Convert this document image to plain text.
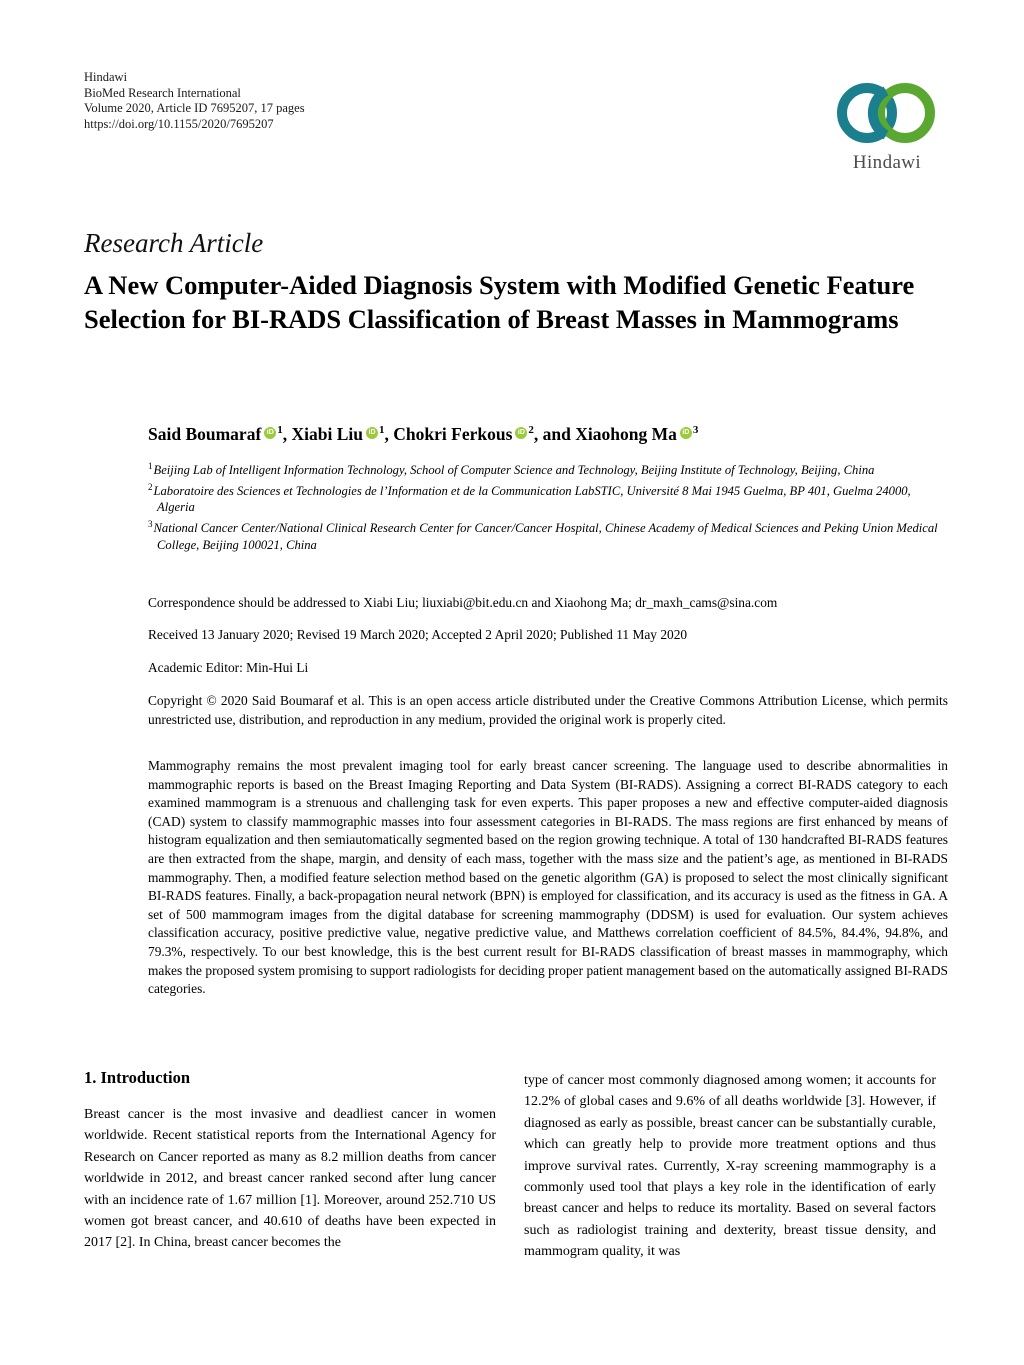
Hindawi
BioMed Research International
Volume 2020, Article ID 7695207, 17 pages
https://doi.org/10.1155/2020/7695207
Hindawi
Research Article
A New Computer-Aided Diagnosis System with Modified Genetic Feature Selection for BI-RADS Classification of Breast Masses in Mammograms
Said Boumaraf iD $^1$, Xiabi Liu iD $^1$, Chokri Ferkous iD $^2$, and Xiaohong Ma iD $^3$
$^1$Beijing Lab of Intelligent Information Technology, School of Computer Science and Technology, Beijing Institute of Technology, Beijing, China
$^2$Laboratoire des Sciences et Technologies de l’Information et de la Communication LabSTIC, Université 8 Mai 1945 Guelma, BP 401, Guelma 24000, Algeria
$^3$National Cancer Center/National Clinical Research Center for Cancer/Cancer Hospital, Chinese Academy of Medical Sciences and Peking Union Medical College, Beijing 100021, China
Correspondence should be addressed to Xiabi Liu; liuxiabi@bit.edu.cn and Xiaohong Ma; dr_maxh_cams@sina.com
Received 13 January 2020; Revised 19 March 2020; Accepted 2 April 2020; Published 11 May 2020
Academic Editor: Min-Hui Li
Copyright © 2020 Said Boumaraf et al. This is an open access article distributed under the Creative Commons Attribution License, which permits unrestricted use, distribution, and reproduction in any medium, provided the original work is properly cited.
Mammography remains the most prevalent imaging tool for early breast cancer screening. The language used to describe abnormalities in mammographic reports is based on the Breast Imaging Reporting and Data System (BI-RADS). Assigning a correct BI-RADS category to each examined mammogram is a strenuous and challenging task for even experts. This paper proposes a new and effective computer-aided diagnosis (CAD) system to classify mammographic masses into four assessment categories in BI-RADS. The mass regions are first enhanced by means of histogram equalization and then semiautomatically segmented based on the region growing technique. A total of 130 handcrafted BI-RADS features are then extracted from the shape, margin, and density of each mass, together with the mass size and the patient’s age, as mentioned in BI-RADS mammography. Then, a modified feature selection method based on the genetic algorithm (GA) is proposed to select the most clinically significant BI-RADS features. Finally, a back-propagation neural network (BPN) is employed for classification, and its accuracy is used as the fitness in GA. A set of 500 mammogram images from the digital database for screening mammography (DDSM) is used for evaluation. Our system achieves classification accuracy, positive predictive value, negative predictive value, and Matthews correlation coefficient of 84.5%, 84.4%, 94.8%, and 79.3%, respectively. To our best knowledge, this is the best current result for BI-RADS classification of breast masses in mammography, which makes the proposed system promising to support radiologists for deciding proper patient management based on the automatically assigned BI-RADS categories.
1. Introduction
Breast cancer is the most invasive and deadliest cancer in women worldwide. Recent statistical reports from the International Agency for Research on Cancer reported as many as 8.2 million deaths from cancer worldwide in 2012, and breast cancer ranked second after lung cancer with an incidence rate of 1.67 million [1]. Moreover, around 252.710 US women got breast cancer, and 40.610 of deaths have been expected in 2017 [2]. In China, breast cancer becomes the
type of cancer most commonly diagnosed among women; it accounts for 12.2% of global cases and 9.6% of all deaths worldwide [3]. However, if diagnosed as early as possible, breast cancer can be substantially curable, which can greatly help to provide more treatment options and thus improve survival rates. Currently, X-ray screening mammography is a commonly used tool that plays a key role in the identification of early breast cancer and helps to reduce its mortality. Based on several factors such as radiologist training and dexterity, breast tissue density, and mammogram quality, it was
